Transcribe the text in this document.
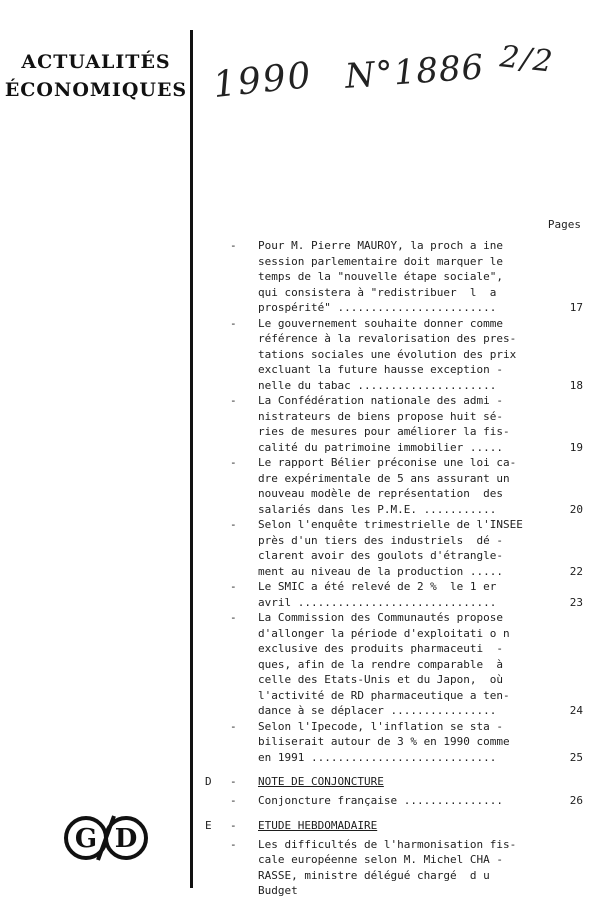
ACTUALITÉS
ÉCONOMIQUES
G D
1990 N°1886 2/2
Pages
-	Pour M. Pierre MAUROY, la proch a ine
session parlementaire doit marquer le
temps de la "nouvelle étape sociale",
qui consistera à "redistribuer  l  a
prospérité" ........................	17
-	Le gouvernement souhaite donner comme
référence à la revalorisation des pres-
tations sociales une évolution des prix
excluant la future hausse exception -
nelle du tabac .....................	18
-	La Confédération nationale des admi -
nistrateurs de biens propose huit sé-
ries de mesures pour améliorer la fis-
calité du patrimoine immobilier .....	19
-	Le rapport Bélier préconise une loi ca-
dre expérimentale de 5 ans assurant un
nouveau modèle de représentation  des
salariés dans les P.M.E. ...........	20
-	Selon l'enquête trimestrielle de l'INSEE
près d'un tiers des industriels  dé -
clarent avoir des goulots d'étrangle-
ment au niveau de la production .....	22
-	Le SMIC a été relevé de 2 %  le 1 er
avril ..............................	23
-	La Commission des Communautés propose
d'allonger la période d'exploitati o n
exclusive des produits pharmaceuti  -
ques, afin de la rendre comparable  à
celle des Etats-Unis et du Japon,  où
l'activité de RD pharmaceutique a ten-
dance à se déplacer ................	24
-	Selon l'Ipecode, l'inflation se sta -
biliserait autour de 3 % en 1990 comme
en 1991 ............................	25
D - NOTE DE CONJONCTURE
-	Conjoncture française ...............	26
E - ETUDE HEBDOMADAIRE
-	Les difficultés de l'harmonisation fis-
cale européenne selon M. Michel CHA -
RASSE, ministre délégué chargé  d u
Budget
